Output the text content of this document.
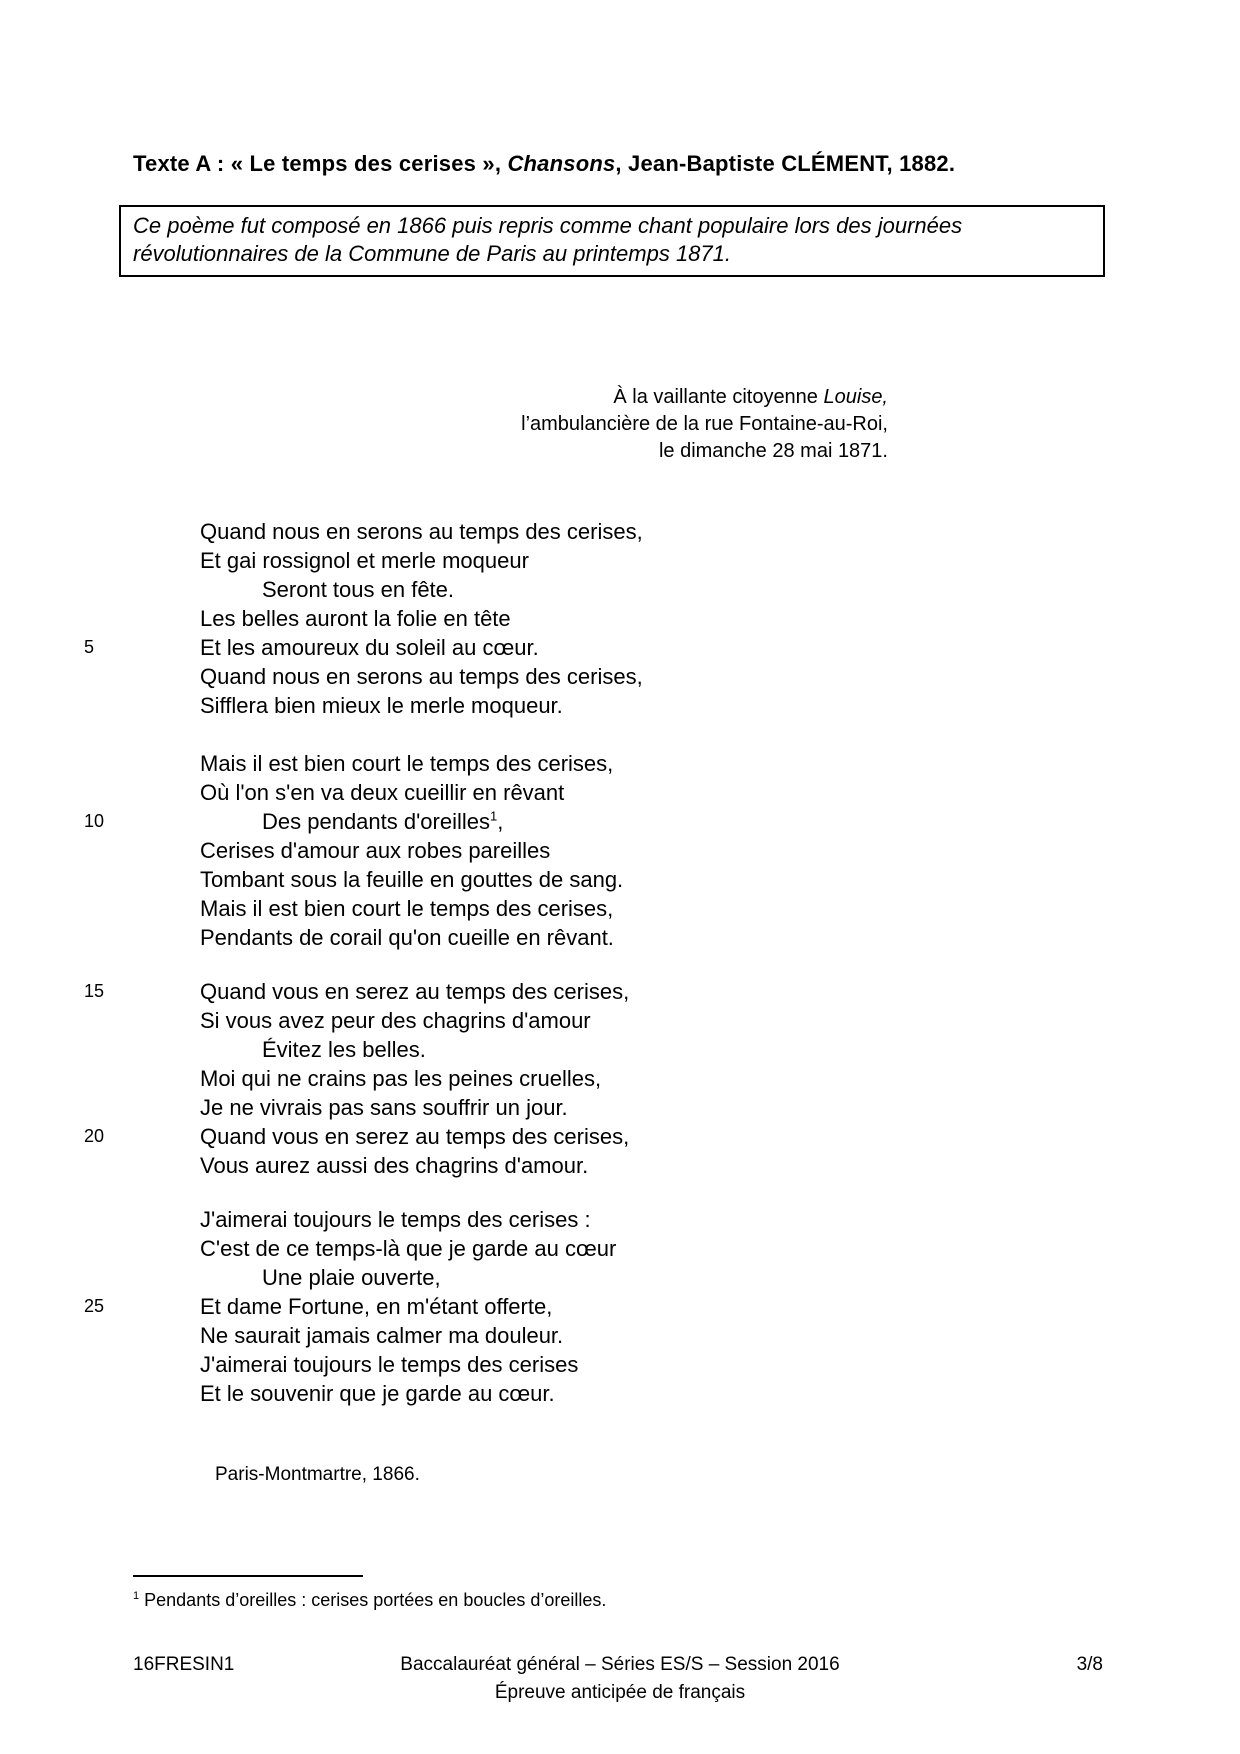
Texte A : « Le temps des cerises », Chansons, Jean-Baptiste CLÉMENT, 1882.
Ce poème fut composé en 1866 puis repris comme chant populaire lors des journées
révolutionnaires de la Commune de Paris au printemps 1871.
À la vaillante citoyenne Louise,
l’ambulancière de la rue Fontaine-au-Roi,
le dimanche 28 mai 1871.
Quand nous en serons au temps des cerises,
Et gai rossignol et merle moqueur
Seront tous en fête.
Les belles auront la folie en tête
5	Et les amoureux du soleil au cœur.
Quand nous en serons au temps des cerises,
Sifflera bien mieux le merle moqueur.
Mais il est bien court le temps des cerises,
Où l'on s'en va deux cueillir en rêvant
10	Des pendants d'oreilles$^1$,
Cerises d'amour aux robes pareilles
Tombant sous la feuille en gouttes de sang.
Mais il est bien court le temps des cerises,
Pendants de corail qu'on cueille en rêvant.
15	Quand vous en serez au temps des cerises,
Si vous avez peur des chagrins d'amour
Évitez les belles.
Moi qui ne crains pas les peines cruelles,
Je ne vivrais pas sans souffrir un jour.
20	Quand vous en serez au temps des cerises,
Vous aurez aussi des chagrins d'amour.
J'aimerai toujours le temps des cerises :
C'est de ce temps-là que je garde au cœur
Une plaie ouverte,
25	Et dame Fortune, en m'étant offerte,
Ne saurait jamais calmer ma douleur.
J'aimerai toujours le temps des cerises
Et le souvenir que je garde au cœur.
Paris-Montmartre, 1866.
$^1$ Pendants d’oreilles : cerises portées en boucles d’oreilles.
16FRESIN1	Baccalauréat général – Séries ES/S – Session 2016
Épreuve anticipée de français
3/8
